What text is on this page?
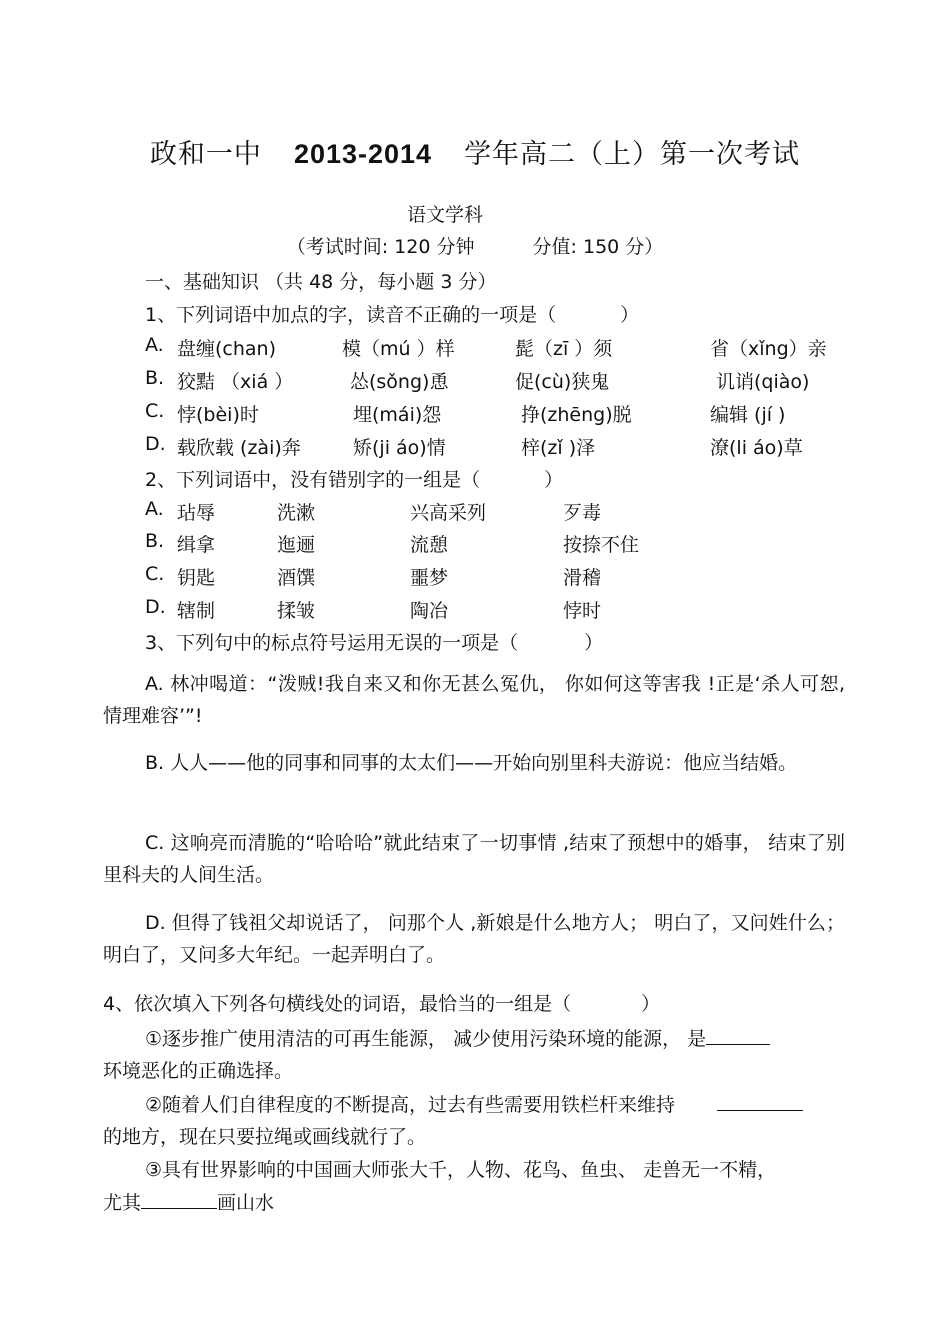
政和一中 2013-2014 学年高二（上）第一次考试
语文学科
（考试时间: 120 分钟	分值: 150 分）
一、基础知识 （共 48 分，每小题 3 分）
1、下列词语中加点的字，读音不正确的一项是（	）
A. 盘缠(chan)	模（mú ）样	髭（zī ）须	省（xǐng）亲
B. 狡黠 （xiá ）	怂(sǒng)恿	促(cù)狭鬼	讥诮(qiào)
C. 悖(bèi)时	埋(mái)怨	挣(zhēng)脱	编辑 (jí )
D. 载欣载 (zài)奔	矫(ji áo)情	梓(zǐ )泽	潦(li áo)草
2、下列词语中，没有错别字的一组是（	）
A. 玷辱	洗漱	兴高采列	歹毒
B. 缉拿	迤逦	流憩	按捺不住
C. 钥匙	酒馔	噩梦	滑稽
D. 辖制	揉皱	陶冶	悖时
3、下列句中的标点符号运用无误的一项是（	）
A. 林冲喝道：“泼贼!我自来又和你无甚么冤仇， 你如何这等害我 !正是‘杀人可恕,情理难容’”!
B. 人人——他的同事和同事的太太们——开始向别里科夫游说：他应当结婚。
C. 这响亮而清脆的“哈哈哈”就此结束了一切事情 ,结束了预想中的婚事， 结束了别里科夫的人间生活。
D. 但得了钱祖父却说话了， 问那个人 ,新娘是什么地方人； 明白了，又问姓什么；明白了，又问多大年纪。一起弄明白了。
4、依次填入下列各句横线处的词语，最恰当的一组是（	）
①逐步推广使用清洁的可再生能源， 减少使用污染环境的能源， 是
环境恶化的正确选择。
②随着人们自律程度的不断提高，过去有些需要用铁栏杆来维持
的地方，现在只要拉绳或画线就行了。
③具有世界影响的中国画大师张大千，人物、花鸟、鱼虫、 走兽无一不精，
尤其	画山水
